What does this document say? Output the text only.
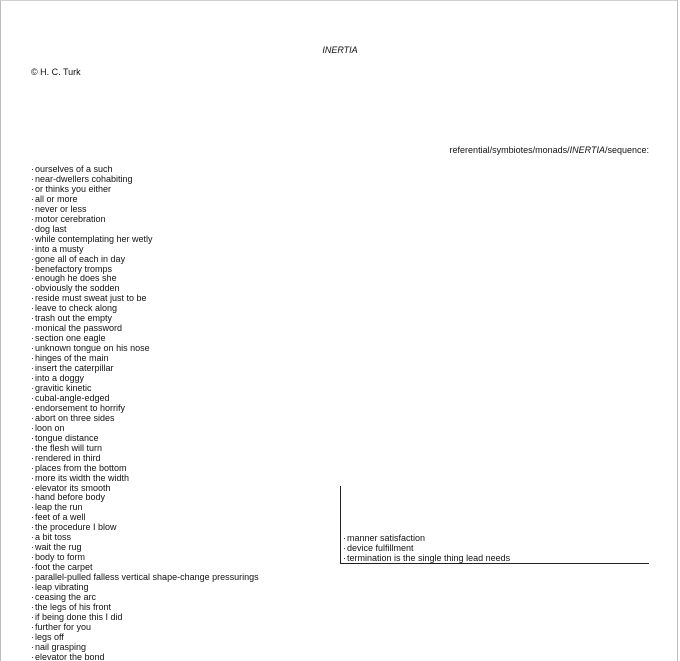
INERTIA
© H. C. Turk
referential/symbiotes/monads/INERTIA/sequence:
· ourselves of a such
· near-dwellers cohabiting
· or thinks you either
· all or more
· never or less
· motor cerebration
· dog last
· while contemplating her wetly
· into a musty
· gone all of each in day
· benefactory tromps
· enough he does she
· obviously the sodden
· reside must sweat just to be
· leave to check along
· trash out the empty
· monical the password
· section one eagle
· unknown tongue on his nose
· hinges of the main
· insert the caterpillar
· into a doggy
· gravitic kinetic
· cubal-angle-edged
· endorsement to horrify
· abort on three sides
· loon on
· tongue distance
· the flesh will turn
· rendered in third
· places from the bottom
· more its width the width
· elevator its smooth
· hand before body
· leap the run
· feet of a well
· the procedure I blow
· a bit toss
· wait the rug
· body to form
· foot the carpet
· parallel-pulled falless vertical shape-change pressurings
· leap vibrating
· ceasing the arc
· the legs of his front
· if being done this I did
· further for you
· legs off
· nail grasping
· elevator the bond
· manner satisfaction
· device fulfillment
· termination is the single thing lead needs
